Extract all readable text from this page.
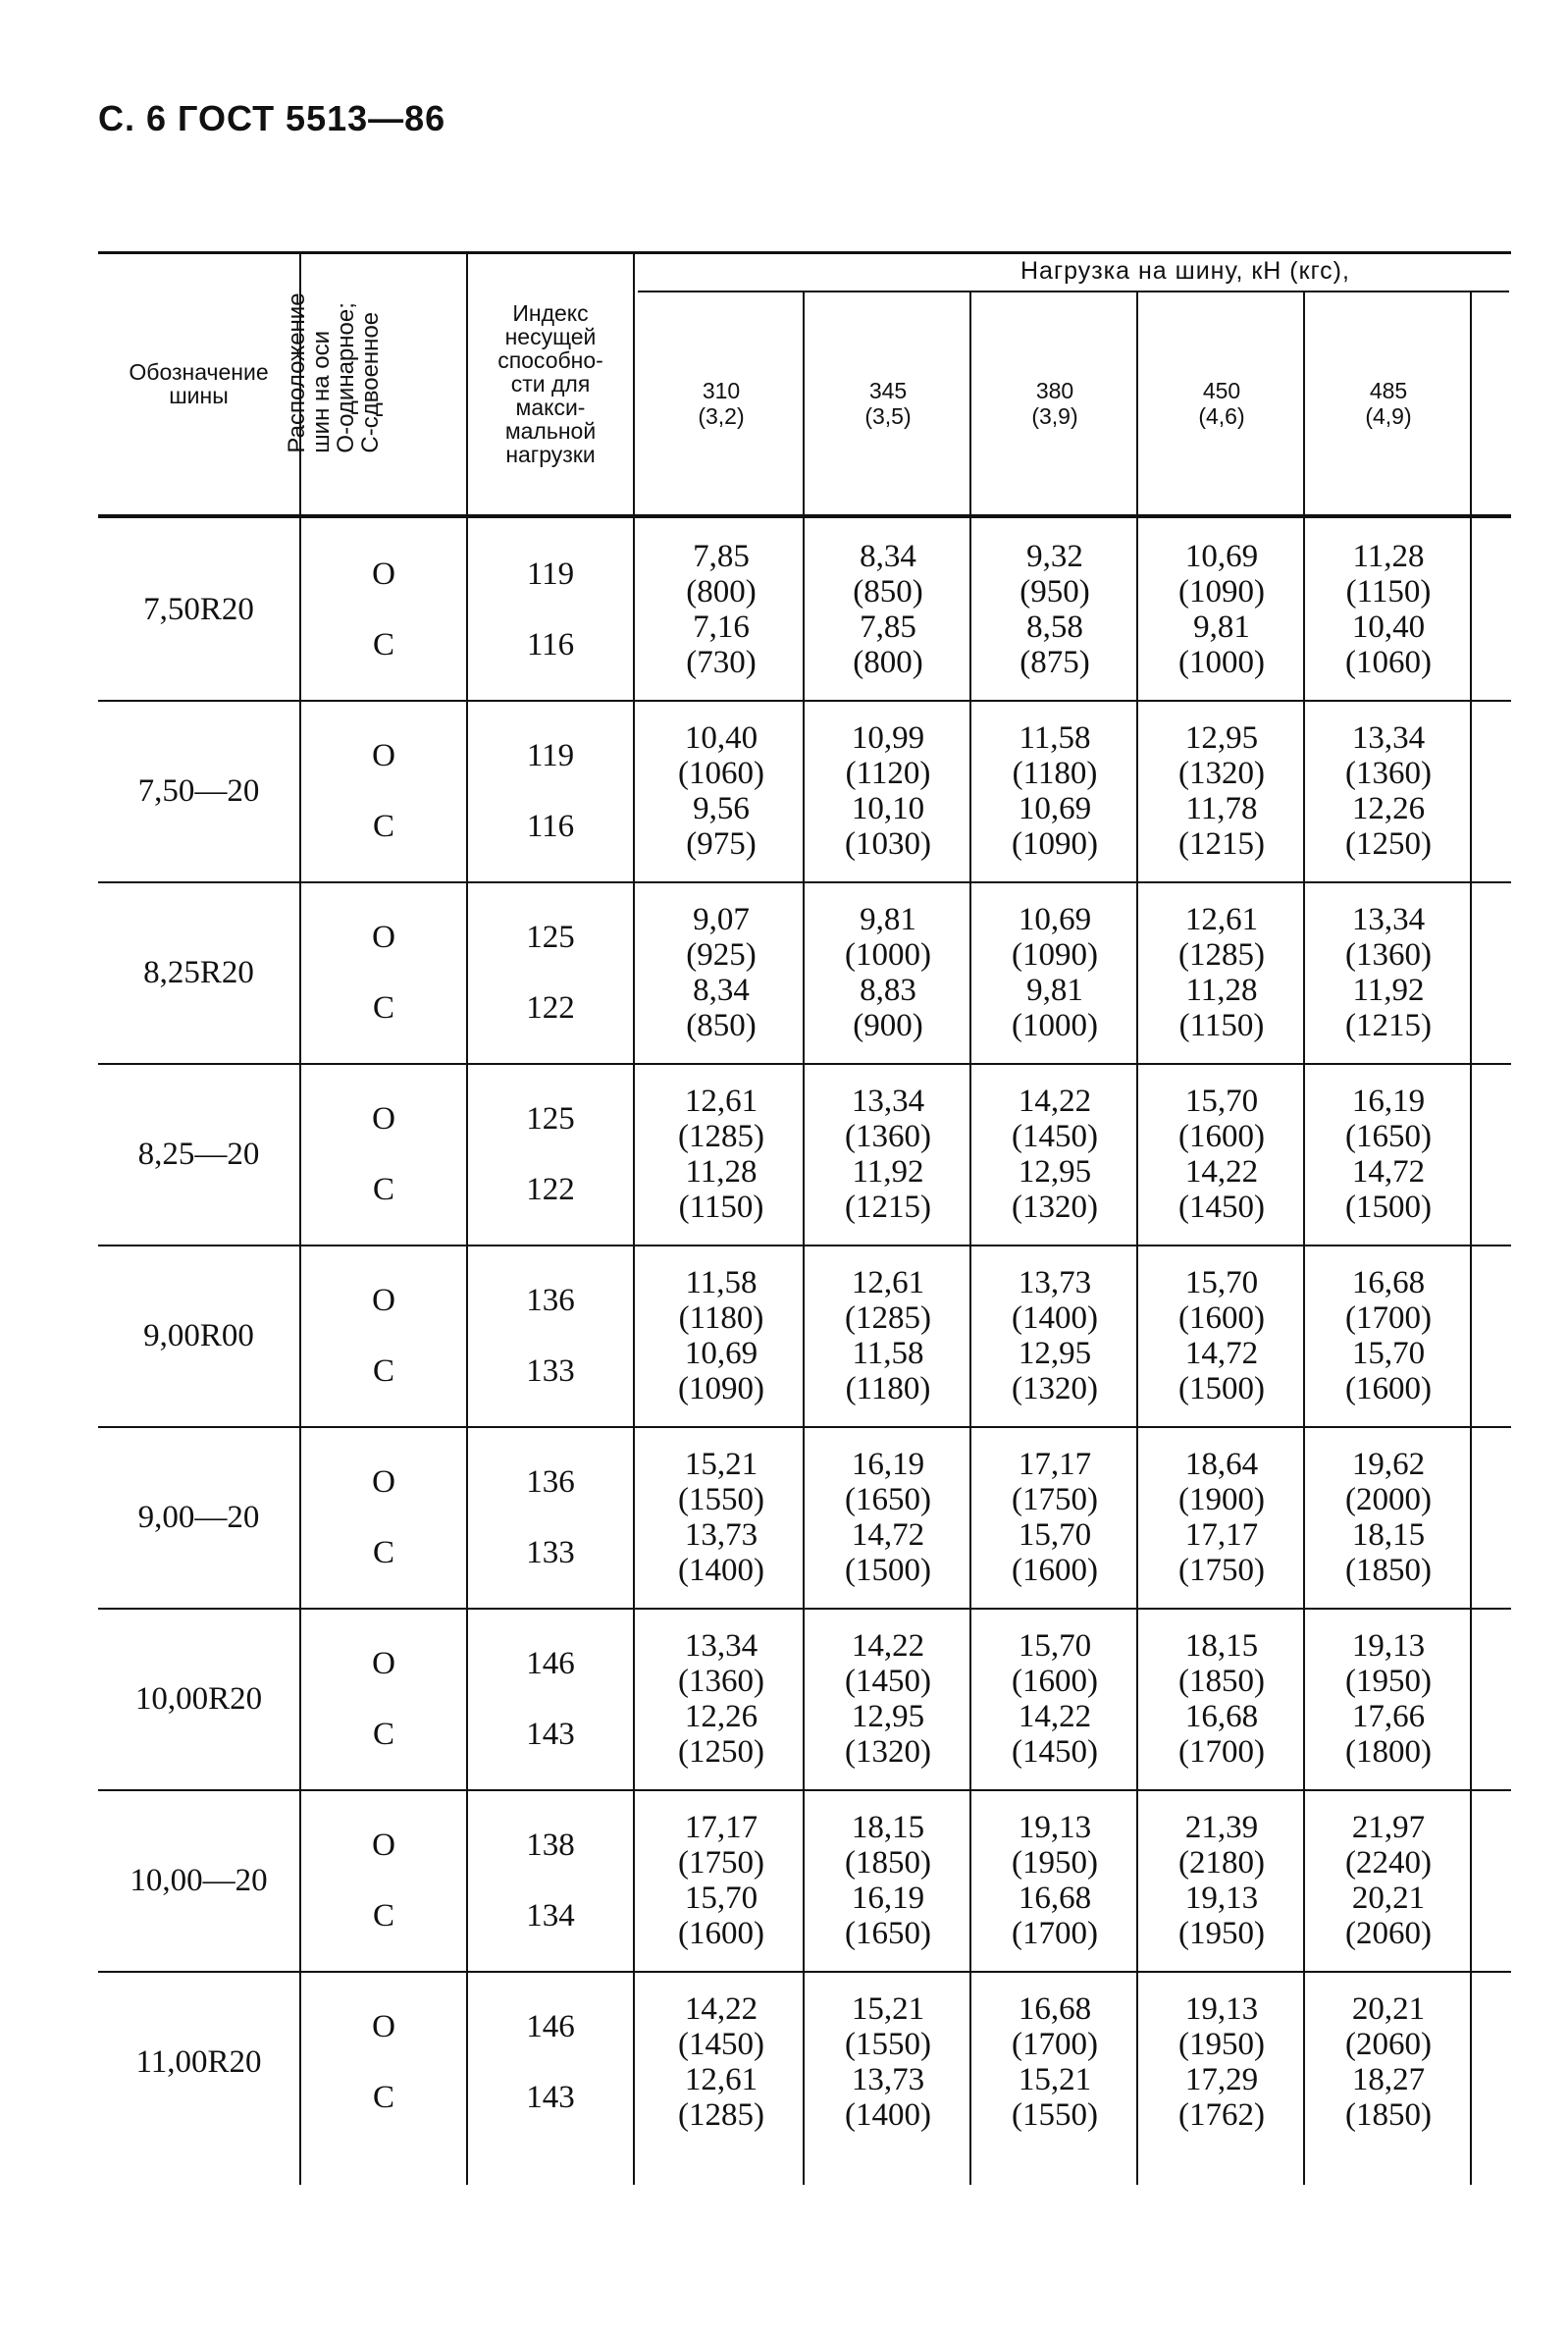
С. 6 ГОСТ 5513—86
Обозначение шины	Расположение
шин на оси
О-одинарное;
С-сдвоенное	Индекс
несущей
способно-
сти для
макси-
мальной
нагрузки
Нагрузка на шину, кН (кгс),
310
(3,2)
345
(3,5)
380
(3,9)
450
(4,6)
485
(4,9)
7,50R20
O
C
119
116
7,85
(800)
7,16
(730)
8,34
(850)
7,85
(800)
9,32
(950)
8,58
(875)
10,69
(1090)
9,81
(1000)
11,28
(1150)
10,40
(1060)
7,50—20
O
C
119
116
10,40
(1060)
9,56
(975)
10,99
(1120)
10,10
(1030)
11,58
(1180)
10,69
(1090)
12,95
(1320)
11,78
(1215)
13,34
(1360)
12,26
(1250)
8,25R20
O
C
125
122
9,07
(925)
8,34
(850)
9,81
(1000)
8,83
(900)
10,69
(1090)
9,81
(1000)
12,61
(1285)
11,28
(1150)
13,34
(1360)
11,92
(1215)
8,25—20
O
C
125
122
12,61
(1285)
11,28
(1150)
13,34
(1360)
11,92
(1215)
14,22
(1450)
12,95
(1320)
15,70
(1600)
14,22
(1450)
16,19
(1650)
14,72
(1500)
9,00R00
O
C
136
133
11,58
(1180)
10,69
(1090)
12,61
(1285)
11,58
(1180)
13,73
(1400)
12,95
(1320)
15,70
(1600)
14,72
(1500)
16,68
(1700)
15,70
(1600)
9,00—20
O
C
136
133
15,21
(1550)
13,73
(1400)
16,19
(1650)
14,72
(1500)
17,17
(1750)
15,70
(1600)
18,64
(1900)
17,17
(1750)
19,62
(2000)
18,15
(1850)
10,00R20
O
C
146
143
13,34
(1360)
12,26
(1250)
14,22
(1450)
12,95
(1320)
15,70
(1600)
14,22
(1450)
18,15
(1850)
16,68
(1700)
19,13
(1950)
17,66
(1800)
10,00—20
O
C
138
134
17,17
(1750)
15,70
(1600)
18,15
(1850)
16,19
(1650)
19,13
(1950)
16,68
(1700)
21,39
(2180)
19,13
(1950)
21,97
(2240)
20,21
(2060)
11,00R20
O
C
146
143
14,22
(1450)
12,61
(1285)
15,21
(1550)
13,73
(1400)
16,68
(1700)
15,21
(1550)
19,13
(1950)
17,29
(1762)
20,21
(2060)
18,27
(1850)
